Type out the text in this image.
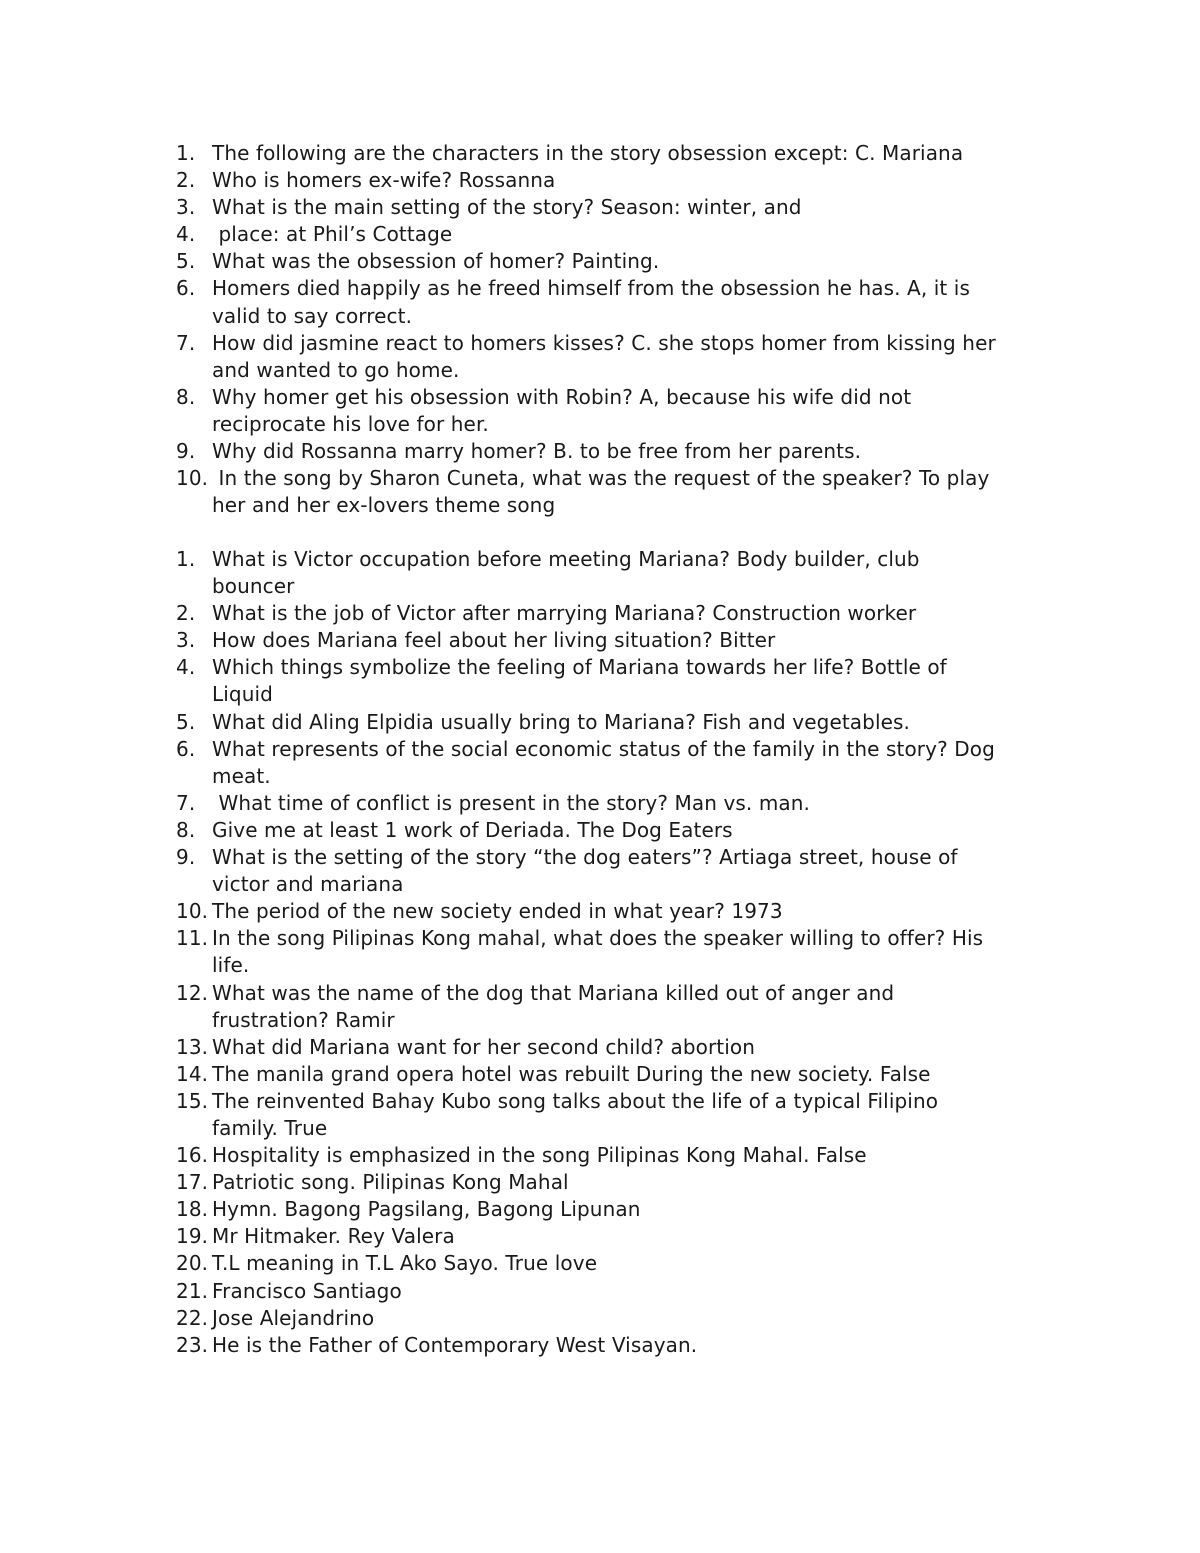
1. The following are the characters in the story obsession except: C. Mariana
2. Who is homers ex-wife? Rossanna
3. What is the main setting of the story? Season: winter, and
4. place: at Phil’s Cottage
5. What was the obsession of homer? Painting.
6. Homers died happily as he freed himself from the obsession he has. A, it is
valid to say correct.
7. How did jasmine react to homers kisses? C. she stops homer from kissing her
and wanted to go home.
8. Why homer get his obsession with Robin? A, because his wife did not
reciprocate his love for her.
9. Why did Rossanna marry homer? B. to be free from her parents.
10. In the song by Sharon Cuneta, what was the request of the speaker? To play
her and her ex-lovers theme song
1. What is Victor occupation before meeting Mariana? Body builder, club
bouncer
2. What is the job of Victor after marrying Mariana? Construction worker
3. How does Mariana feel about her living situation? Bitter
4. Which things symbolize the feeling of Mariana towards her life? Bottle of
Liquid
5. What did Aling Elpidia usually bring to Mariana? Fish and vegetables.
6. What represents of the social economic status of the family in the story? Dog
meat.
7. What time of conflict is present in the story? Man vs. man.
8. Give me at least 1 work of Deriada. The Dog Eaters
9. What is the setting of the story “the dog eaters”? Artiaga street, house of
victor and mariana
10. The period of the new society ended in what year? 1973
11. In the song Pilipinas Kong mahal, what does the speaker willing to offer? His
life.
12. What was the name of the dog that Mariana killed out of anger and
frustration? Ramir
13. What did Mariana want for her second child? abortion
14. The manila grand opera hotel was rebuilt During the new society. False
15. The reinvented Bahay Kubo song talks about the life of a typical Filipino
family. True
16. Hospitality is emphasized in the song Pilipinas Kong Mahal. False
17. Patriotic song. Pilipinas Kong Mahal
18. Hymn. Bagong Pagsilang, Bagong Lipunan
19. Mr Hitmaker. Rey Valera
20. T.L meaning in T.L Ako Sayo. True love
21. Francisco Santiago
22. Jose Alejandrino
23. He is the Father of Contemporary West Visayan.
